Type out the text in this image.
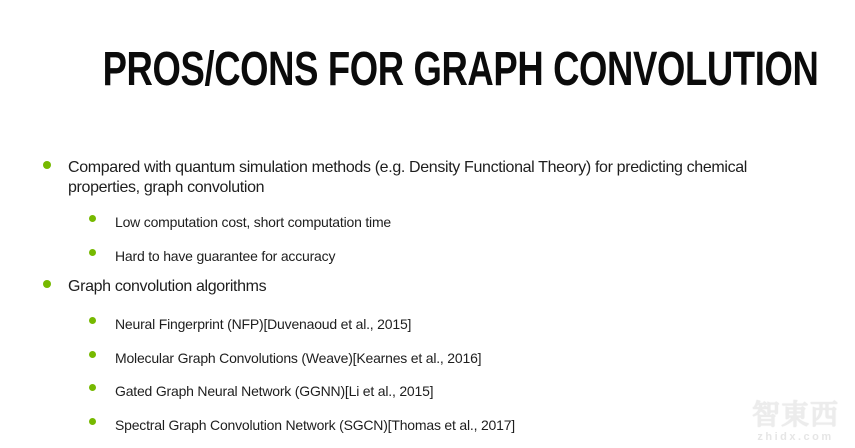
PROS/CONS FOR GRAPH CONVOLUTION
Compared with quantum simulation methods (e.g. Density Functional Theory) for predicting chemical
properties, graph convolution
Low computation cost, short computation time
Hard to have guarantee for accuracy
Graph convolution algorithms
Neural Fingerprint (NFP)[Duvenaoud et al., 2015]
Molecular Graph Convolutions (Weave)[Kearnes et al., 2016]
Gated Graph Neural Network (GGNN)[Li et al., 2015]
Spectral Graph Convolution Network (SGCN)[Thomas et al., 2017]	智東西
zhidx.com
